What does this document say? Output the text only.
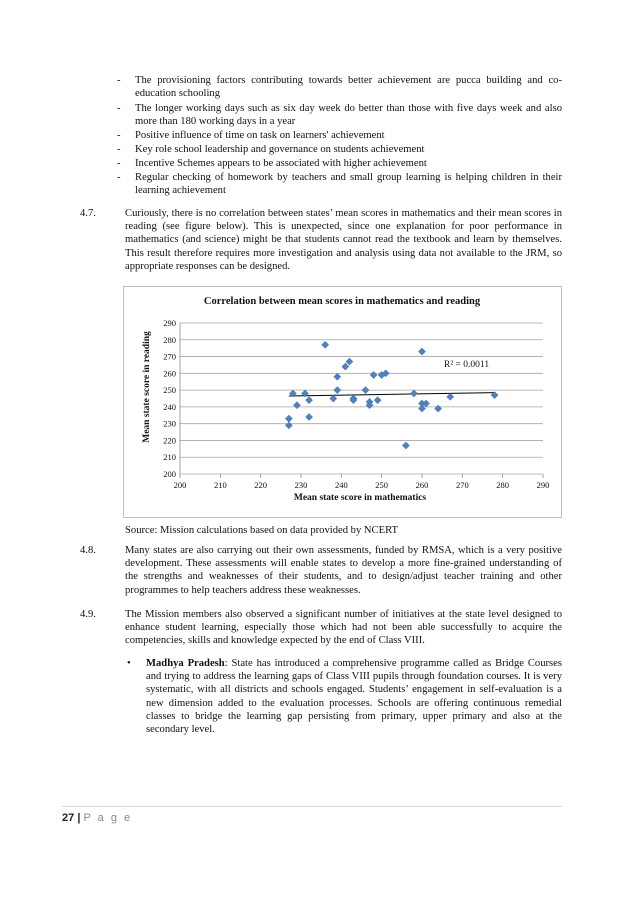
- The provisioning factors contributing towards better achievement are pucca building and co-education schooling
- The longer working days such as six day week do better than those with five days week and also more than 180 working days in a year
- Positive influence of time on task on learners' achievement
- Key role school leadership and governance on students achievement
- Incentive Schemes appears to be associated with higher achievement
- Regular checking of homework by teachers and small group learning is helping children in their learning achievement
4.7.	Curiously, there is no correlation between states’ mean scores in mathematics and their mean scores in reading (see figure below). This is unexpected, since one explanation for poor performance in mathematics (and science) might be that students cannot read the textbook and learn by themselves. This result therefore requires more investigation and analysis using data not available to the JRM, so appropriate responses can be designed.
Correlation between mean scores in mathematics and reading
200
210
220
230
240
250
260
270
280
290
200	210	220	230	240	250	260	270	280	290
R² = 0.0011
Mean state score in mathematics
Mean state score in reading
Source: Mission calculations based on data provided by NCERT
4.8.	Many states are also carrying out their own assessments, funded by RMSA, which is a very positive development. These assessments will enable states to develop a more fine-grained understanding of the strengths and weaknesses of their students, and to design/adjust teacher training and other programmes to help teachers address these weaknesses.
4.9.	The Mission members also observed a significant number of initiatives at the state level designed to enhance student learning, especially those which had not been able successfully to acquire the competencies, skills and knowledge expected by the end of Class VIII.
• Madhya Pradesh: State has introduced a comprehensive programme called as Bridge Courses and trying to address the learning gaps of Class VIII pupils through foundation courses. It is very systematic, with all districts and schools engaged. Students’ engagement in self-evaluation is a new dimension added to the evaluation processes. Schools are offering continuous remedial classes to bridge the learning gap persisting from primary, upper primary and also at the secondary level.
27 | P a g e
